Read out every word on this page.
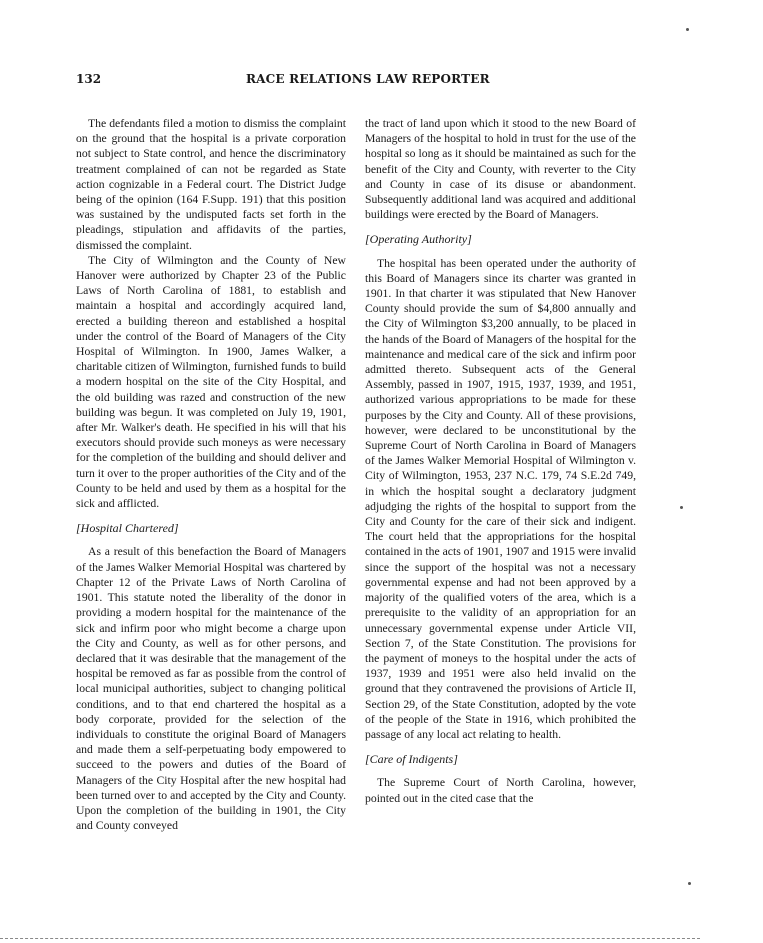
132	RACE RELATIONS LAW REPORTER

The defendants filed a motion to dismiss the complaint on the ground that the hospital is a private corporation not subject to State control, and hence the discriminatory treatment complained of can not be regarded as State action cognizable in a Federal court. The District Judge being of the opinion (164 F.Supp. 191) that this position was sustained by the undisputed facts set forth in the pleadings, stipulation and affidavits of the parties, dismissed the complaint.

The City of Wilmington and the County of New Hanover were authorized by Chapter 23 of the Public Laws of North Carolina of 1881, to establish and maintain a hospital and accordingly acquired land, erected a building thereon and established a hospital under the control of the Board of Managers of the City Hospital of Wilmington. In 1900, James Walker, a charitable citizen of Wilmington, furnished funds to build a modern hospital on the site of the City Hospital, and the old building was razed and construction of the new building was begun. It was completed on July 19, 1901, after Mr. Walker's death. He specified in his will that his executors should provide such moneys as were necessary for the completion of the building and should deliver and turn it over to the proper authorities of the City and of the County to be held and used by them as a hospital for the sick and afflicted.

[Hospital Chartered]

As a result of this benefaction the Board of Managers of the James Walker Memorial Hospital was chartered by Chapter 12 of the Private Laws of North Carolina of 1901. This statute noted the liberality of the donor in providing a modern hospital for the maintenance of the sick and infirm poor who might become a charge upon the City and County, as well as for other persons, and declared that it was desirable that the management of the hospital be removed as far as possible from the control of local municipal authorities, subject to changing political conditions, and to that end chartered the hospital as a body corporate, provided for the selection of the individuals to constitute the original Board of Managers and made them a self-perpetuating body empowered to succeed to the powers and duties of the Board of Managers of the City Hospital after the new hospital had been turned over to and accepted by the City and County. Upon the completion of the building in 1901, the City and County conveyed

the tract of land upon which it stood to the new Board of Managers of the hospital to hold in trust for the use of the hospital so long as it should be maintained as such for the benefit of the City and County, with reverter to the City and County in case of its disuse or abandonment. Subsequently additional land was acquired and additional buildings were erected by the Board of Managers.

[Operating Authority]

The hospital has been operated under the authority of this Board of Managers since its charter was granted in 1901. In that charter it was stipulated that New Hanover County should provide the sum of $4,800 annually and the City of Wilmington $3,200 annually, to be placed in the hands of the Board of Managers of the hospital for the maintenance and medical care of the sick and infirm poor admitted thereto. Subsequent acts of the General Assembly, passed in 1907, 1915, 1937, 1939, and 1951, authorized various appropriations to be made for these purposes by the City and County. All of these provisions, however, were declared to be unconstitutional by the Supreme Court of North Carolina in Board of Managers of the James Walker Memorial Hospital of Wilmington v. City of Wilmington, 1953, 237 N.C. 179, 74 S.E.2d 749, in which the hospital sought a declaratory judgment adjudging the rights of the hospital to support from the City and County for the care of their sick and indigent. The court held that the appropriations for the hospital contained in the acts of 1901, 1907 and 1915 were invalid since the support of the hospital was not a necessary governmental expense and had not been approved by a majority of the qualified voters of the area, which is a prerequisite to the validity of an appropriation for an unnecessary governmental expense under Article VII, Section 7, of the State Constitution. The provisions for the payment of moneys to the hospital under the acts of 1937, 1939 and 1951 were also held invalid on the ground that they contravened the provisions of Article II, Section 29, of the State Constitution, adopted by the vote of the people of the State in 1916, which prohibited the passage of any local act relating to health.

[Care of Indigents]

The Supreme Court of North Carolina, however, pointed out in the cited case that the
